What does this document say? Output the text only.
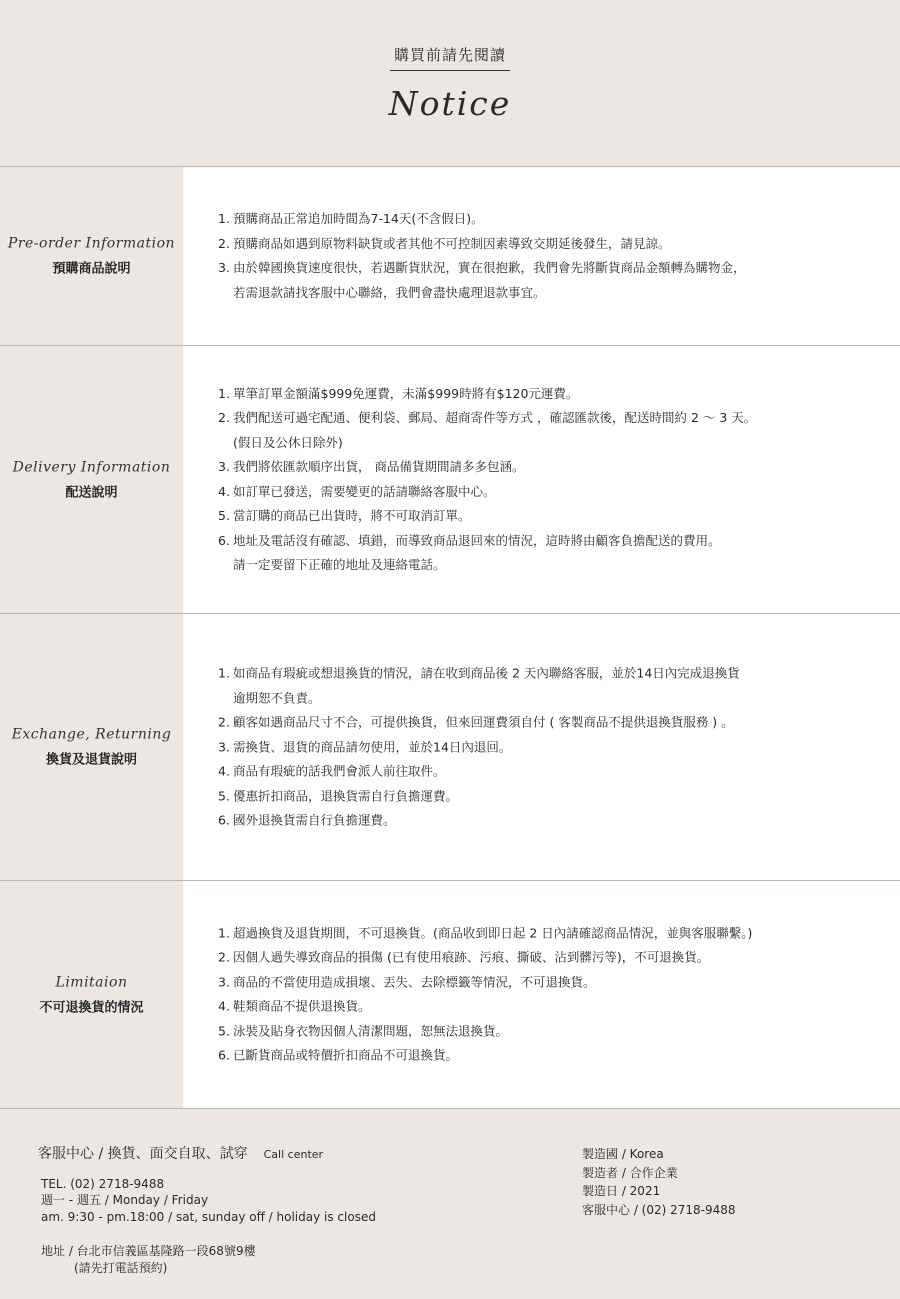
購買前請先閱讀
Notice
Pre-order Information
預購商品說明
1. 預購商品正常追加時間為7-14天(不含假日)。
2. 預購商品如遇到原物料缺貨或者其他不可控制因素導致交期延後發生，請見諒。
3. 由於韓國換貨速度很快，若遇斷貨狀況，實在很抱歉，我們會先將斷貨商品金額轉為購物金，
若需退款請找客服中心聯絡，我們會盡快處理退款事宜。
Delivery Information
配送說明
1. 單筆訂單金額滿$999免運費，未滿$999時將有$120元運費。
2. 我們配送可過宅配通、便利袋、郵局、超商寄件等方式 ，確認匯款後，配送時間約 2 ～ 3 天。
(假日及公休日除外)
3. 我們將依匯款順序出貨， 商品備貨期間請多多包涵。
4. 如訂單已發送，需要變更的話請聯絡客服中心。
5. 當訂購的商品已出貨時，將不可取消訂單。
6. 地址及電話沒有確認、填錯，而導致商品退回來的情況，這時將由顧客負擔配送的費用。
請一定要留下正確的地址及連絡電話。
Exchange, Returning
換貨及退貨說明
1. 如商品有瑕疵或想退換貨的情況，請在收到商品後 2 天內聯絡客服，並於14日內完成退換貨
逾期恕不負責。
2. 顧客如遇商品尺寸不合，可提供換貨，但來回運費須自付 ( 客製商品不提供退換貨服務 ) 。
3. 需換貨、退貨的商品請勿使用，並於14日內退回。
4. 商品有瑕疵的話我們會派人前往取件。
5. 優惠折扣商品，退換貨需自行負擔運費。
6. 國外退換貨需自行負擔運費。
Limitaion
不可退換貨的情況
1. 超過換貨及退貨期間，不可退換貨。(商品收到即日起 2 日內請確認商品情況，並與客服聯繫。)
2. 因個人過失導致商品的損傷 (已有使用痕跡、污痕、撕破、沾到髒污等)，不可退換貨。
3. 商品的不當使用造成損壞、丟失、去除標籤等情況，不可退換貨。
4. 鞋類商品不提供退換貨。
5. 泳裝及貼身衣物因個人清潔問題，恕無法退換貨。
6. 已斷貨商品或特價折扣商品不可退換貨。
客服中心 / 換貨、面交自取、試穿 Call center
TEL. (02) 2718-9488
週一 - 週五 / Monday / Friday
am. 9:30 - pm.18:00 / sat, sunday off / holiday is closed
地址 / 台北市信義區基隆路一段68號9樓
(請先打電話預約)
製造國 / Korea
製造者 / 合作企業
製造日 / 2021
客服中心 / (02) 2718-9488
